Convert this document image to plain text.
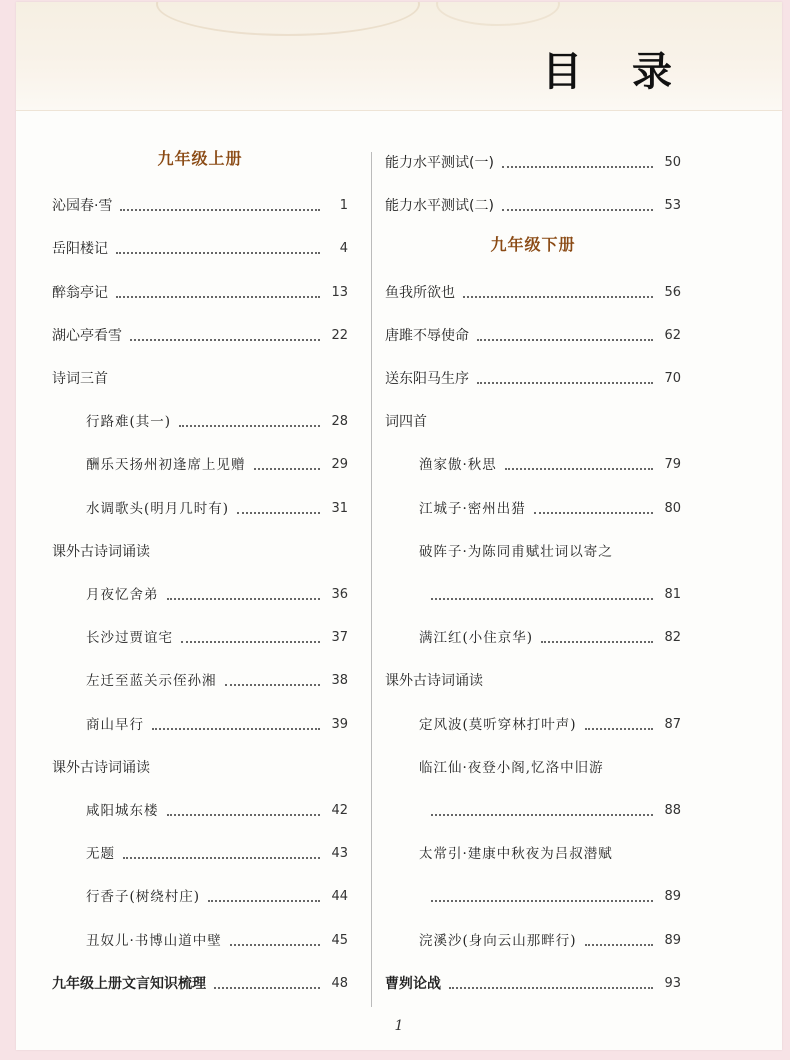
目 录
九年级上册
沁园春·雪	1
岳阳楼记	4
醉翁亭记	13
湖心亭看雪	22
诗词三首
行路难(其一)	28
酬乐天扬州初逢席上见赠	29
水调歌头(明月几时有)	31
课外古诗词诵读
月夜忆舍弟	36
长沙过贾谊宅	37
左迁至蓝关示侄孙湘	38
商山早行	39
课外古诗词诵读
咸阳城东楼	42
无题	43
行香子(树绕村庄)	44
丑奴儿·书博山道中壁	45
九年级上册文言知识梳理	48
能力水平测试(一)	50
能力水平测试(二)	53
九年级下册
鱼我所欲也	56
唐雎不辱使命	62
送东阳马生序	70
词四首
渔家傲·秋思	79
江城子·密州出猎	80
破阵子·为陈同甫赋壮词以寄之
81
满江红(小住京华)	82
课外古诗词诵读
定风波(莫听穿林打叶声)	87
临江仙·夜登小阁,忆洛中旧游
88
太常引·建康中秋夜为吕叔潜赋
89
浣溪沙(身向云山那畔行)	89
曹刿论战	93
1
